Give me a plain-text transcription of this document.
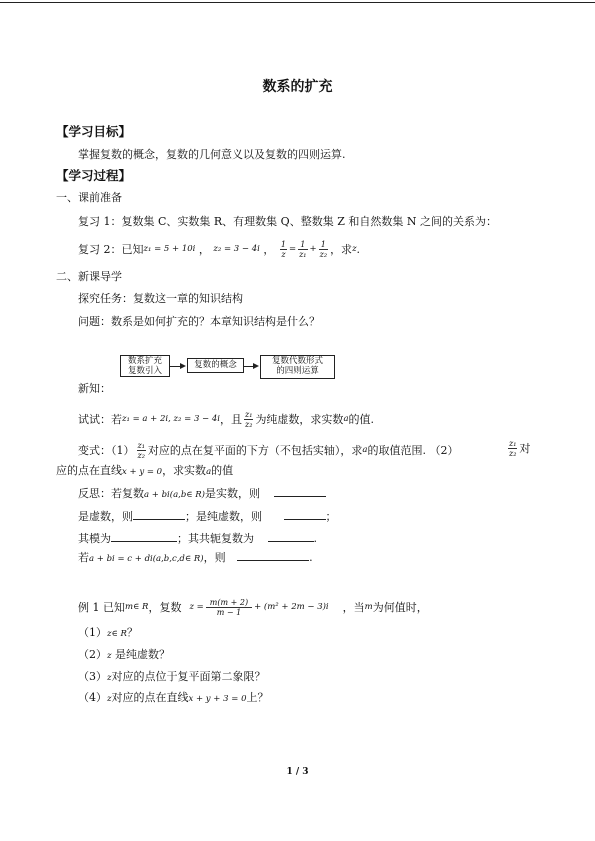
数系的扩充
【学习目标】
掌握复数的概念，复数的几何意义以及复数的四则运算.
【学习过程】
一、课前准备
复习 1：复数集 C、实数集 R、有理数集 Q、整数集 Z 和自然数集 N 之间的关系为：
复习 2：已知 z₁ = 5 + 10i ， z₂ = 3 − 4i ， $\frac{1}{z} = \frac{1}{\text{z₁}} + \frac{1}{\text{z₂}}$ ，求 z .
二、新课导学
探究任务：复数这一章的知识结构
问题：数系是如何扩充的？本章知识结构是什么？
数系扩充
复数引入
复数的概念	复数代数形式
的四则运算
新知：
试试：若 z₁ = a + 2i, z₂ = 3 − 4i ，且 $\frac{\text{z₁}}{\text{z₂}}$ 为纯虚数，求实数 a 的值.
变式：$(1) \frac{\text{z₁}}{\text{z₂}}$ 对应的点在复平面的下方（不包括实轴），求 a 的取值范围. （2）	$\frac{\text{z₁}}{\text{z₂}}$ 对
应的点在直线x + y = 0，求实数a的值
反思：若复数a + bi(a,b∈ R)是实数，则
是虚数，则	；是纯虚数，则	；
其模为	；其共轭复数为	.
若a + bi = c + di(a,b,c,d∈ R)，则	.
例 1 已知 m∈ R ，复数 $z = \frac{m(m + 2)}{m - 1} + (m^2 + 2m - 3)i$ ，当 m 为何值时，
（1）z∈ R？
（2）z 是纯虚数？
（3）z对应的点位于复平面第二象限？
（4）z对应的点在直线x + y + 3 = 0上？
1 / 3
